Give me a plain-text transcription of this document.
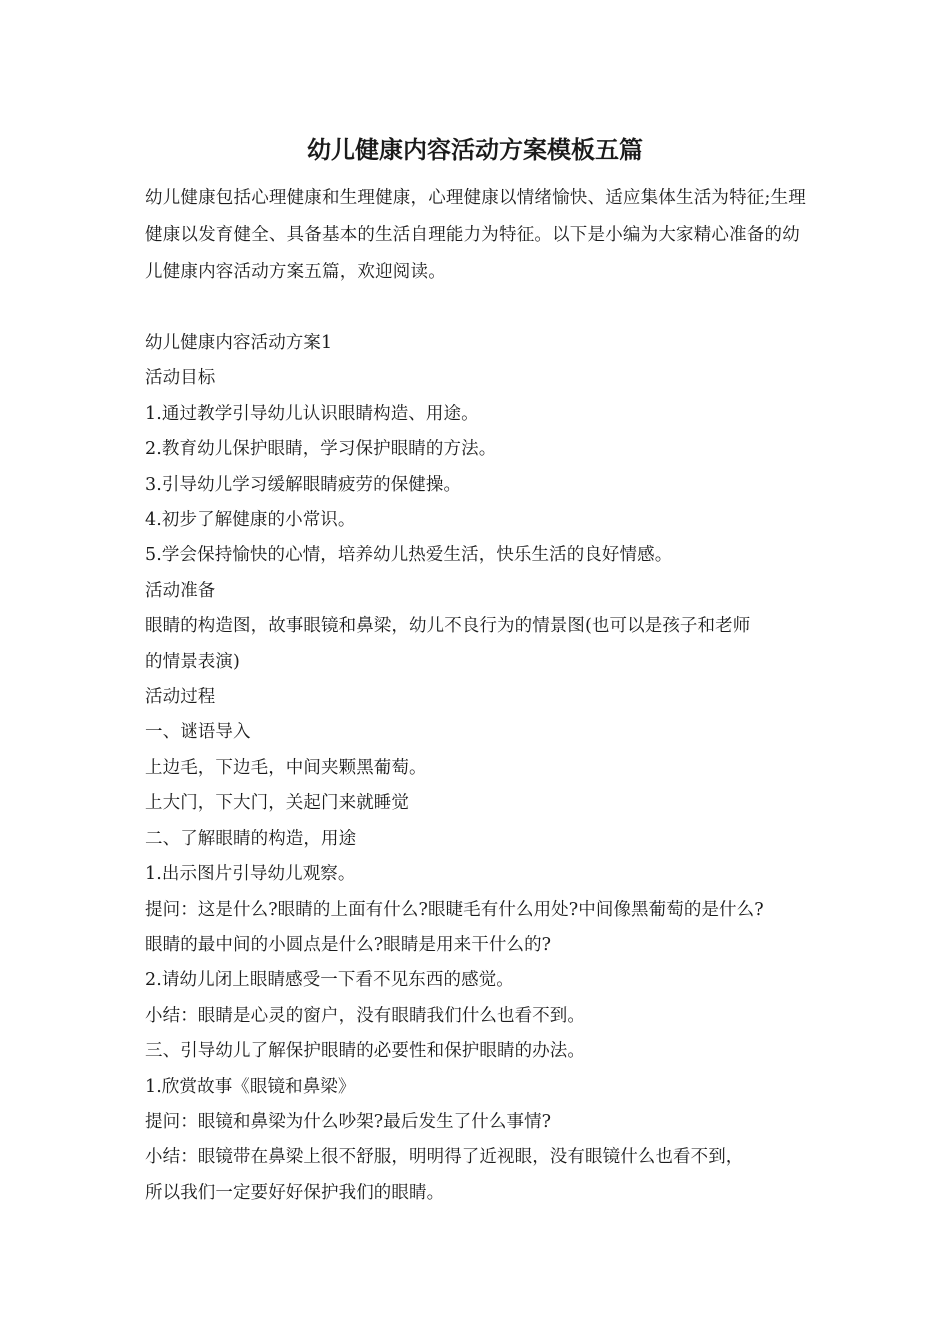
幼儿健康内容活动方案模板五篇

幼儿健康包括心理健康和生理健康，心理健康以情绪愉快、适应集体生活为特征;生理健康以发育健全、具备基本的生活自理能力为特征。以下是小编为大家精心准备的幼儿健康内容活动方案五篇，欢迎阅读。

幼儿健康内容活动方案1
活动目标
1.通过教学引导幼儿认识眼睛构造、用途。
2.教育幼儿保护眼睛，学习保护眼睛的方法。
3.引导幼儿学习缓解眼睛疲劳的保健操。
4.初步了解健康的小常识。
5.学会保持愉快的心情，培养幼儿热爱生活，快乐生活的良好情感。
活动准备
眼睛的构造图，故事眼镜和鼻梁，幼儿不良行为的情景图(也可以是孩子和老师
的情景表演)
活动过程
一、谜语导入
上边毛，下边毛，中间夹颗黑葡萄。
上大门，下大门，关起门来就睡觉
二、了解眼睛的构造，用途
1.出示图片引导幼儿观察。
提问：这是什么?眼睛的上面有什么?眼睫毛有什么用处?中间像黑葡萄的是什么?
眼睛的最中间的小圆点是什么?眼睛是用来干什么的?
2.请幼儿闭上眼睛感受一下看不见东西的感觉。
小结：眼睛是心灵的窗户，没有眼睛我们什么也看不到。
三、引导幼儿了解保护眼睛的必要性和保护眼睛的办法。
1.欣赏故事《眼镜和鼻梁》
提问：眼镜和鼻梁为什么吵架?最后发生了什么事情?
小结：眼镜带在鼻梁上很不舒服，明明得了近视眼，没有眼镜什么也看不到，
所以我们一定要好好保护我们的眼睛。
